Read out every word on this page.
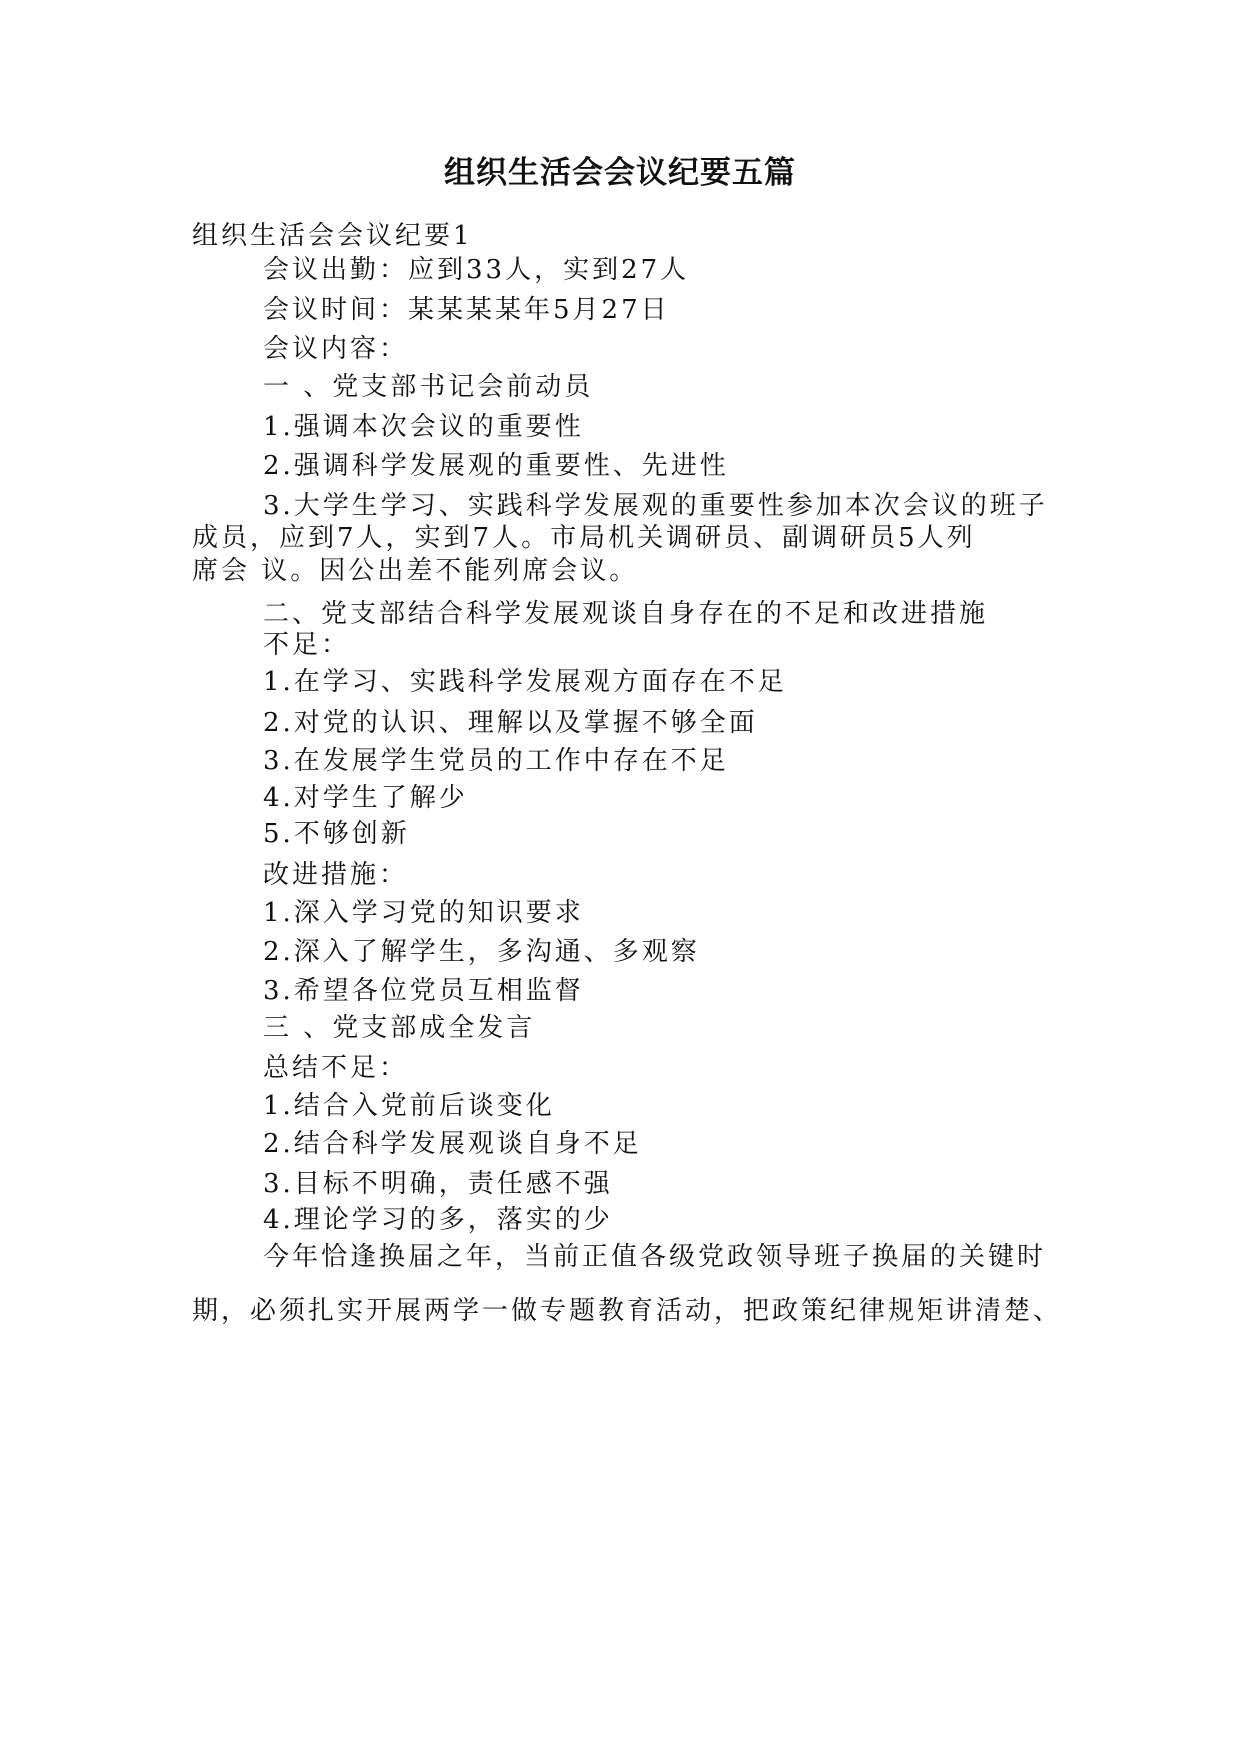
组织生活会会议纪要五篇

组织生活会会议纪要1

会议出勤：应到33人，实到27人

会议时间：某某某某年5月27日

会议内容：

一 、党支部书记会前动员

1.强调本次会议的重要性

2.强调科学发展观的重要性、先进性

3.大学生学习、实践科学发展观的重要性参加本次会议的班子

成员，应到7人，实到7人。市局机关调研员、副调研员5人列

席会 议。因公出差不能列席会议。

二、党支部结合科学发展观谈自身存在的不足和改进措施

不足：

1.在学习、实践科学发展观方面存在不足

2.对党的认识、理解以及掌握不够全面

3.在发展学生党员的工作中存在不足

4.对学生了解少

5.不够创新

改进措施：

1.深入学习党的知识要求

2.深入了解学生，多沟通、多观察

3.希望各位党员互相监督

三 、党支部成全发言

总结不足：

1.结合入党前后谈变化

2.结合科学发展观谈自身不足

3.目标不明确，责任感不强

4.理论学习的多，落实的少

今年恰逢换届之年，当前正值各级党政领导班子换届的关键时

期，必须扎实开展两学一做专题教育活动，把政策纪律规矩讲清楚、
